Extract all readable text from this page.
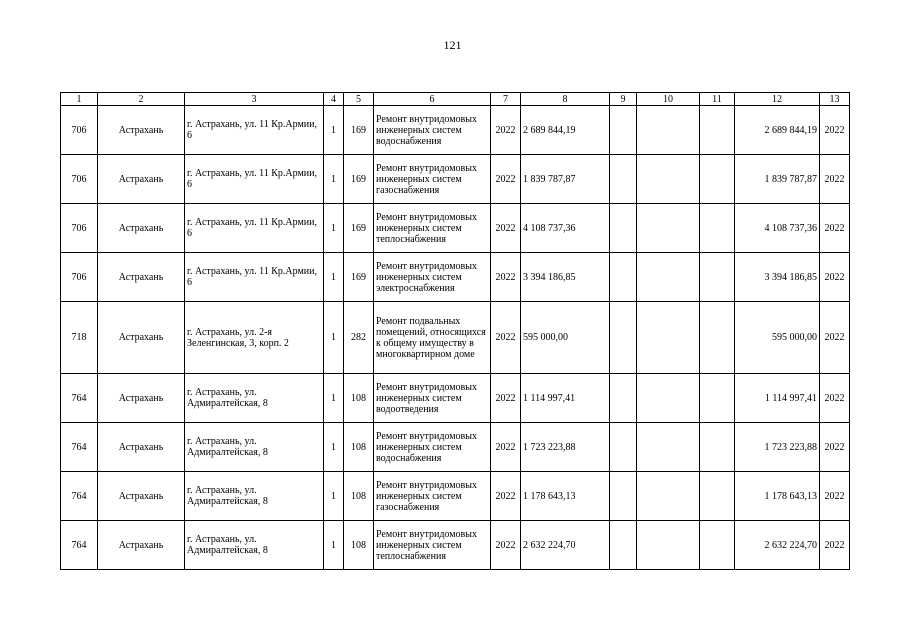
121
1	2	3	4	5	6	7	8	9	10	11	12	13
706	Астрахань	г. Астрахань, ул. 11 Кр.Армии, 6	1	169	Ремонт внутридомовых инженерных систем водоснабжения	2022	2 689 844,19				2 689 844,19	2022
706	Астрахань	г. Астрахань, ул. 11 Кр.Армии, 6	1	169	Ремонт внутридомовых инженерных систем газоснабжения	2022	1 839 787,87				1 839 787,87	2022
706	Астрахань	г. Астрахань, ул. 11 Кр.Армии, 6	1	169	Ремонт внутридомовых инженерных систем теплоснабжения	2022	4 108 737,36				4 108 737,36	2022
706	Астрахань	г. Астрахань, ул. 11 Кр.Армии, 6	1	169	Ремонт внутридомовых инженерных систем электроснабжения	2022	3 394 186,85				3 394 186,85	2022
718	Астрахань	г. Астрахань, ул. 2-я Зеленгинская, 3, корп. 2	1	282	Ремонт подвальных помещений, относящихся к общему имуществу в многоквартирном доме	2022	595 000,00				595 000,00	2022
764	Астрахань	г. Астрахань, ул. Адмиралтейская, 8	1	108	Ремонт внутридомовых инженерных систем водоотведения	2022	1 114 997,41				1 114 997,41	2022
764	Астрахань	г. Астрахань, ул. Адмиралтейская, 8	1	108	Ремонт внутридомовых инженерных систем водоснабжения	2022	1 723 223,88				1 723 223,88	2022
764	Астрахань	г. Астрахань, ул. Адмиралтейская, 8	1	108	Ремонт внутридомовых инженерных систем газоснабжения	2022	1 178 643,13				1 178 643,13	2022
764	Астрахань	г. Астрахань, ул. Адмиралтейская, 8	1	108	Ремонт внутридомовых инженерных систем теплоснабжения	2022	2 632 224,70				2 632 224,70	2022
